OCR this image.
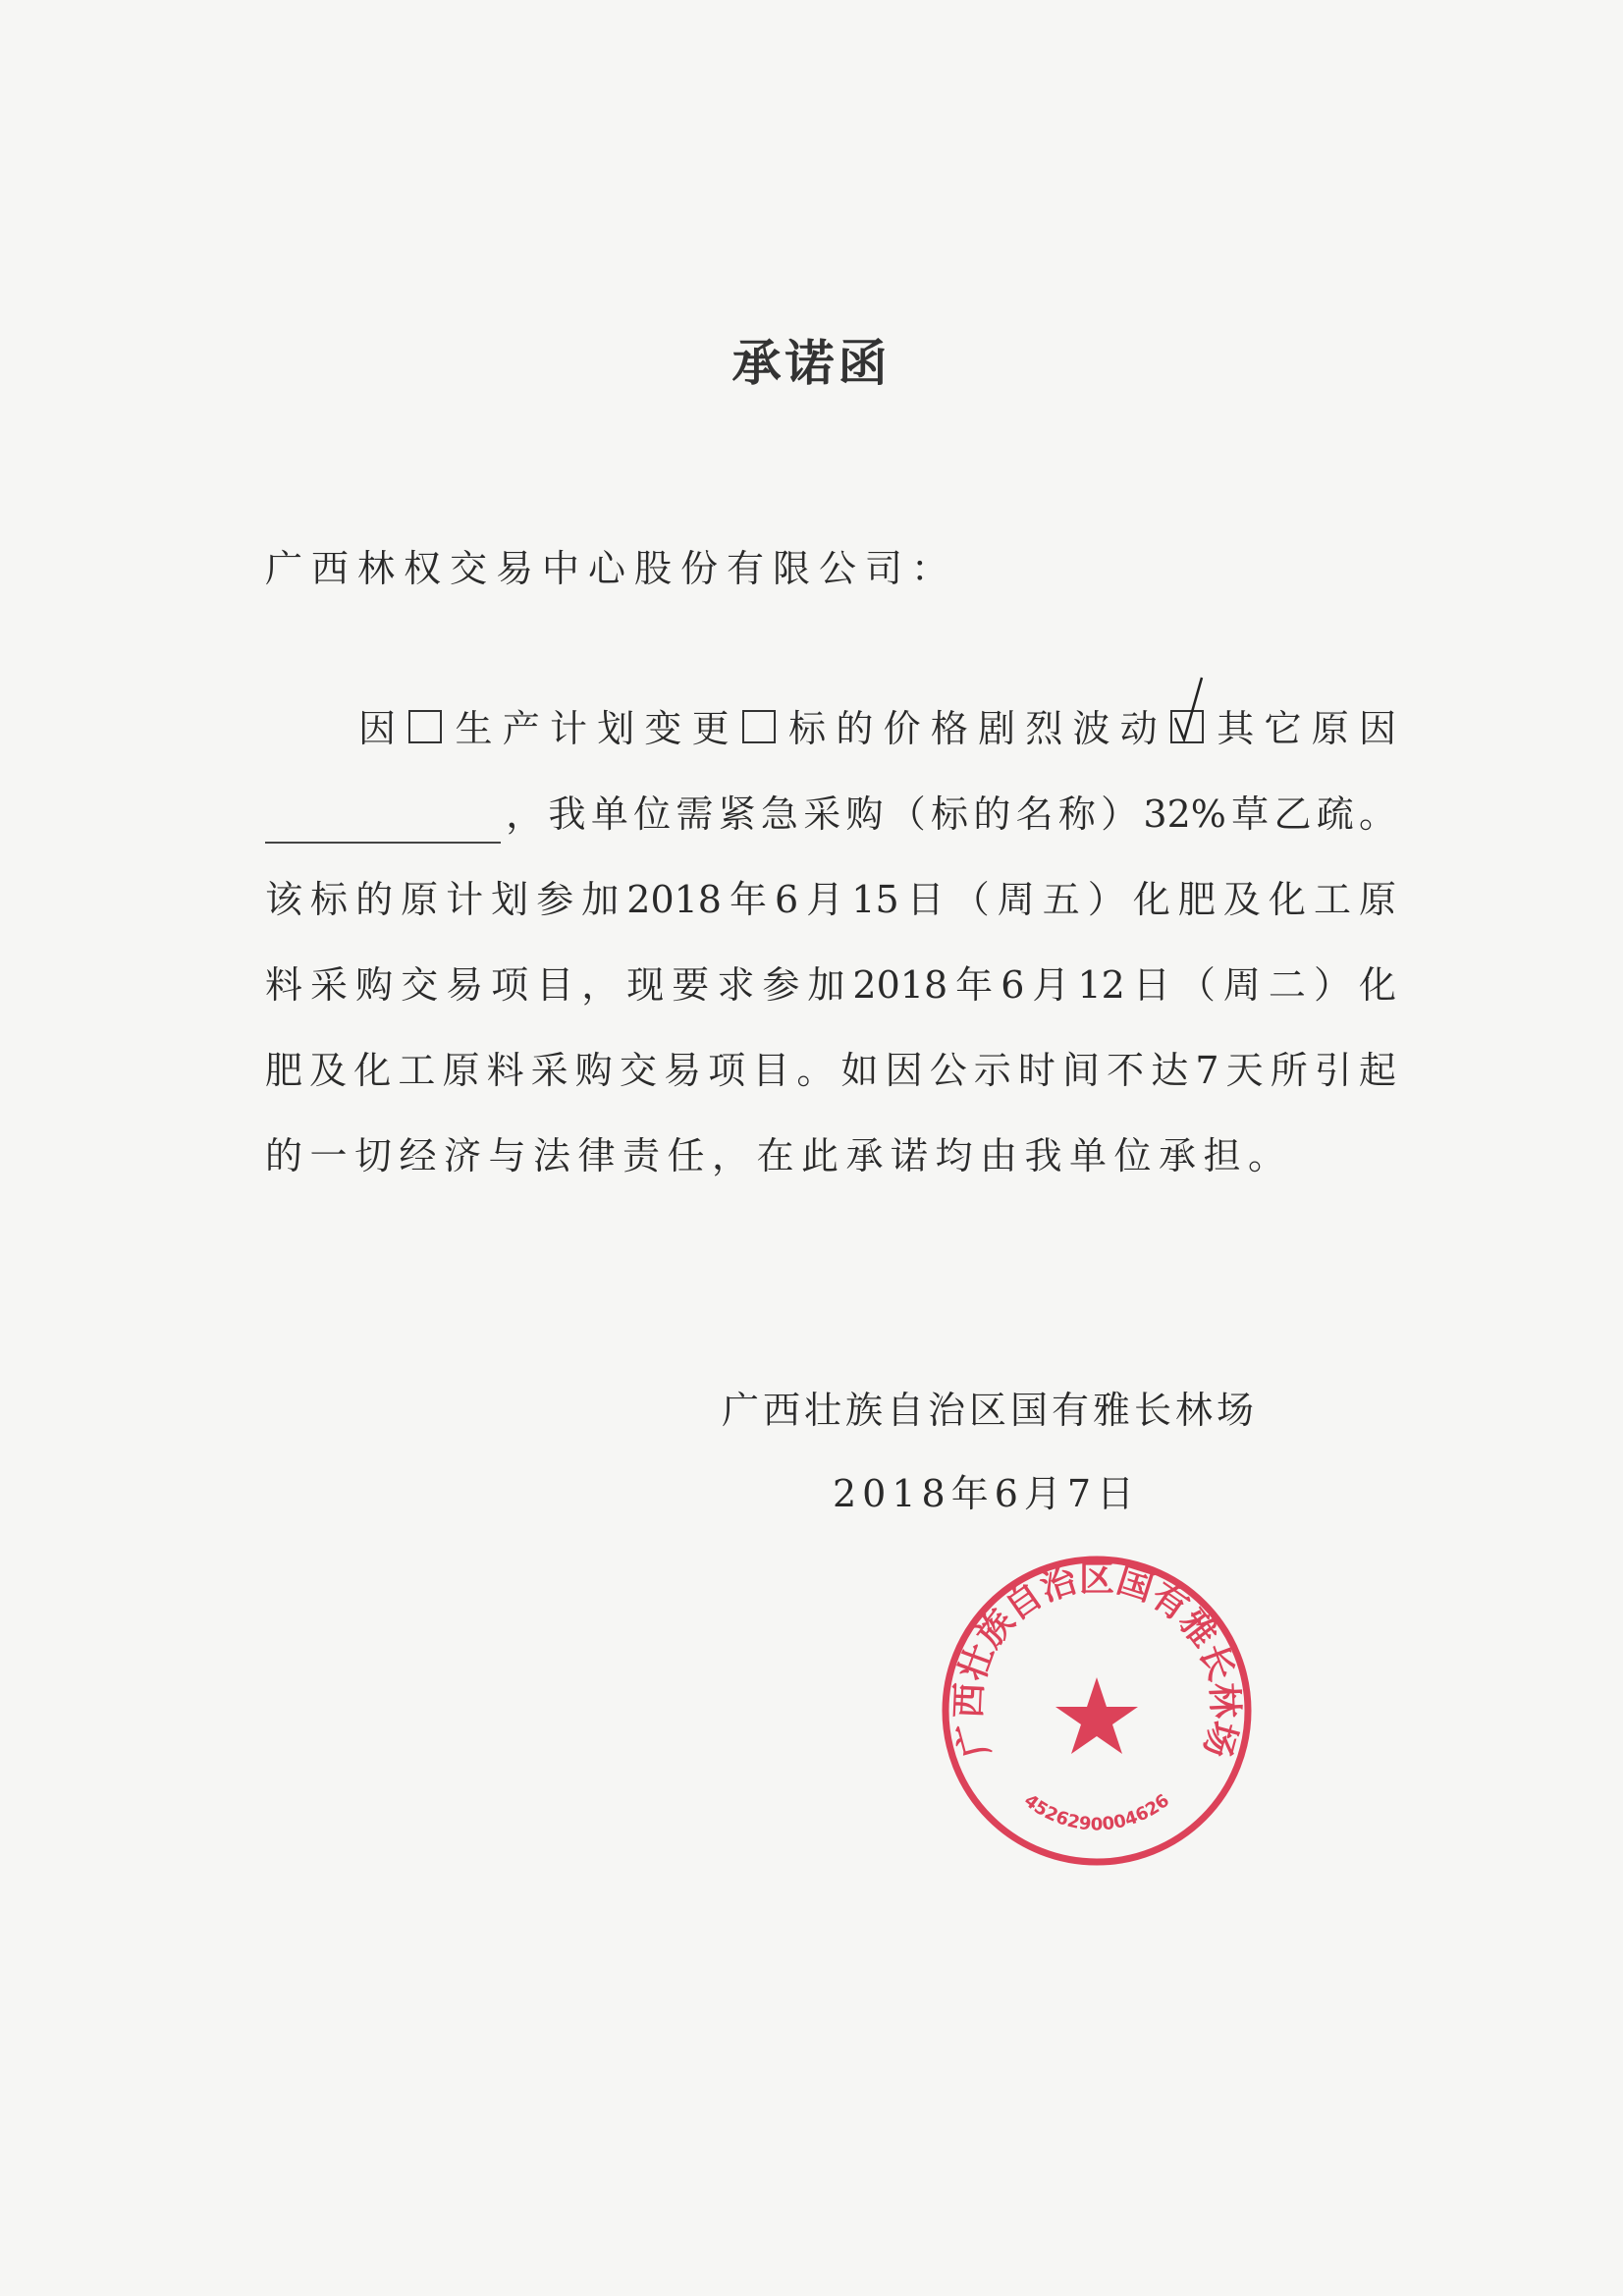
承诺函
广西林权交易中心股份有限公司：
因 生产计划变更 标的价格剧烈波动 其它原因
，我单位需紧急采购（标的名称）32%草乙疏。
该标的原计划参加2018年6月15日（周五）化肥及化工原
料采购交易项目，现要求参加2018年6月12日（周二）化
肥及化工原料采购交易项目。如因公示时间不达7天所引起
的一切经济与法律责任，在此承诺均由我单位承担。
广西壮族自治区国有雅长林场
2018年6月7日
广西壮族自治区国有雅长林场
4526290004626
